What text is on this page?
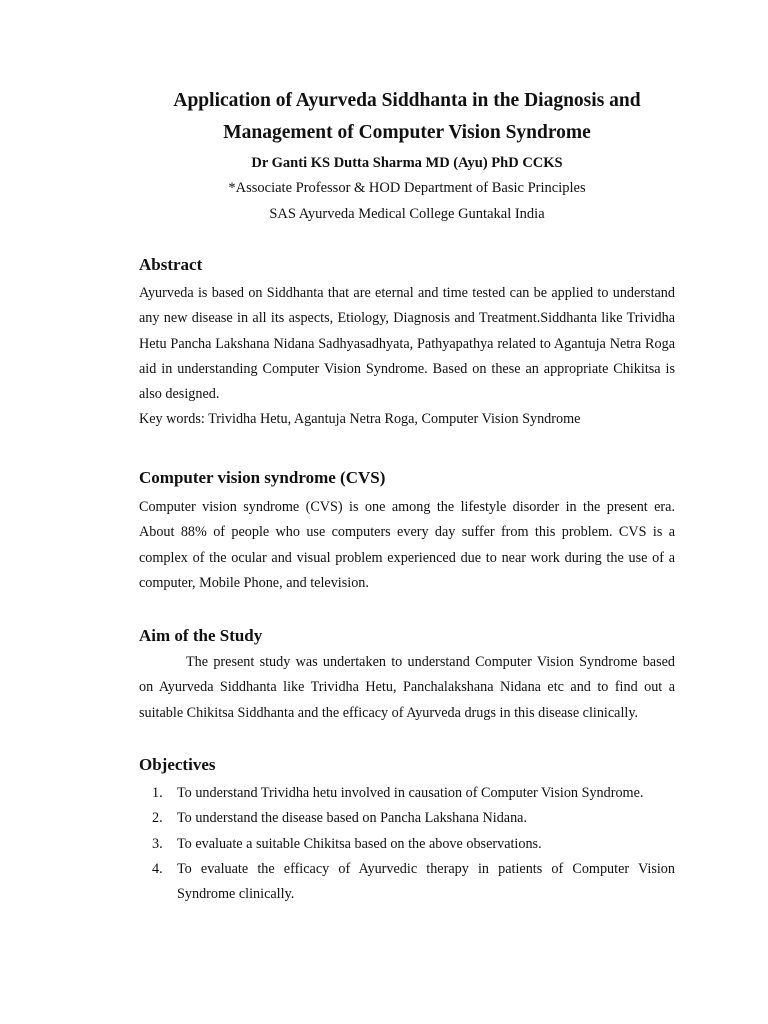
Application of Ayurveda Siddhanta in the Diagnosis and
Management of Computer Vision Syndrome
Dr Ganti KS Dutta Sharma MD (Ayu) PhD CCKS
*Associate Professor & HOD Department of Basic Principles
SAS Ayurveda Medical College Guntakal India
Abstract

Ayurveda is based on Siddhanta that are eternal and time tested can be applied to understand any new disease in all its aspects, Etiology, Diagnosis and Treatment.Siddhanta like Trividha Hetu Pancha Lakshana Nidana Sadhyasadhyata, Pathyapathya related to Agantuja Netra Roga aid in understanding Computer Vision Syndrome. Based on these an appropriate Chikitsa is also designed.

Key words: Trividha Hetu, Agantuja Netra Roga, Computer Vision Syndrome

Computer vision syndrome (CVS)

Computer vision syndrome (CVS) is one among the lifestyle disorder in the present era. About 88% of people who use computers every day suffer from this problem. CVS is a complex of the ocular and visual problem experienced due to near work during the use of a computer, Mobile Phone, and television.

Aim of the Study

The present study was undertaken to understand Computer Vision Syndrome based on Ayurveda Siddhanta like Trividha Hetu, Panchalakshana Nidana etc and to find out a suitable Chikitsa Siddhanta and the efficacy of Ayurveda drugs in this disease clinically.

Objectives
1. To understand Trividha hetu involved in causation of Computer Vision Syndrome.
2. To understand the disease based on Pancha Lakshana Nidana.
3. To evaluate a suitable Chikitsa based on the above observations.
4. To evaluate the efficacy of Ayurvedic therapy in patients of Computer Vision Syndrome clinically.
